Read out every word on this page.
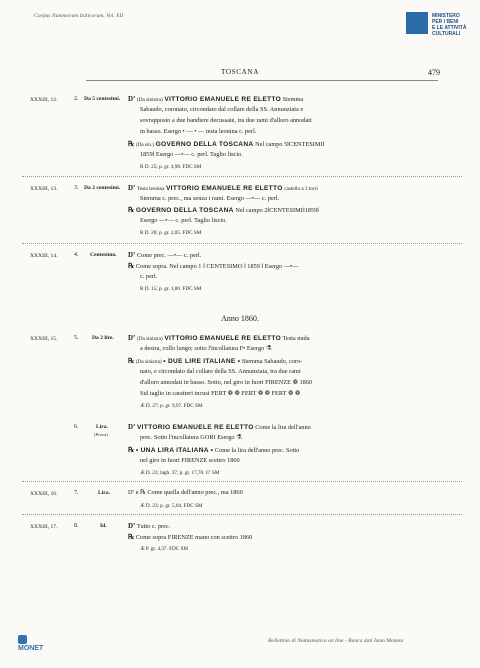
Corpus Nummorum Italicorum, Vol. XII	MINISTERO
PER I BENI
E LE ATTIVITÀ
CULTURALI
TOSCANA	479
XXXIII, 12.	2. Da 5 centesimi. D’ (Da sinistra) VITTORIO EMANUELE RE ELETTO Stemma
Sabaudo, coronato, circondato dal collare della SS. Annunziata e
sovrapposto a due bandiere decussate, tra due rami d'alloro annodati
in basso. Esergo • — • — testa leonina c. perl.
℞ (Da sin.) GOVERNO DELLA TOSCANA Nel campo 5‖CENTESIMI‖
1859‖ Esergo —•— c. perl. Taglio liscio.
R D. 25; p. gr. 4,98. FDC SM
XXXIII, 13.	3. Da 2 centesimi. D’ Testa leonina VITTORIO EMANUELE RE ELETTO castello a 3 torri
Stemma c. prec., ma senza i rami. Esergo —•— c. perl.
℞ GOVERNO DELLA TOSCANA Nel campo 2‖CENTESIMI‖1859‖
Esergo —•— c. perl. Taglio liscio.
R D. 20; p. gr. 2,05. FDC SM
XXXIII, 14.	4. Centesimo. D’ Come prec. —•— c. perl.
℞ Come sopra. Nel campo 1 ‖ CENTESIMO ‖ 1859 ‖ Esergo —•—
c. perl.
R D. 15; p. gr. 1,00. FDC SM
Anno 1860.
XXXIII, 15.	5. Da 2 lire. D’ (Da sinistra) VITTORIO EMANUELE RE ELETTO Testa nuda
a destra, collo lungo; sotto l'incollatura F• Esergo ⚗
℞ (Da sinistra) • DUE LIRE ITALIANE • Stemma Sabaudo, coro-
nato, e circondato dal collare della SS. Annunziata, tra due rami
d'alloro annodati in basso. Sotto, nel giro in fuori FIRENZE ❁ 1860
Sul taglio in caratteri incusi FERT ❁ ❁ FERT ❁ ❁ FERT ❁ ❁
Æ D. 27; p. gr. 9,97. FDC SM
6.	Lira.
(Prova).
D’ VITTORIO EMANUELE RE ELETTO Come la lira dell'anno
prec. Sotto l'incollatura GORI Esergo ⚗
℞ • UNA LIRA ITALIANA • Come la lira dell'anno prec. Sotto
nel giro in fuori FIRENZE scettro 1860
Æ D. 23; lagh. 37; p. gr. 17,70. C¹ SM
XXXIII, 16.	7.	Lira.	D’ e ℞ Come quella dell'anno prec., ma 1860
Æ D. 23; p. gr. 5,04. FDC SM
XXXIII, 17.	8.	Id.	D’ Tutto c. prec.
℞ Come sopra FIRENZE mano con scettro 1860
Æ P. gr. 4,37. FDC SM
MONET
Bollettino di Numismatica on line - Banca dati Ismo Moneta
